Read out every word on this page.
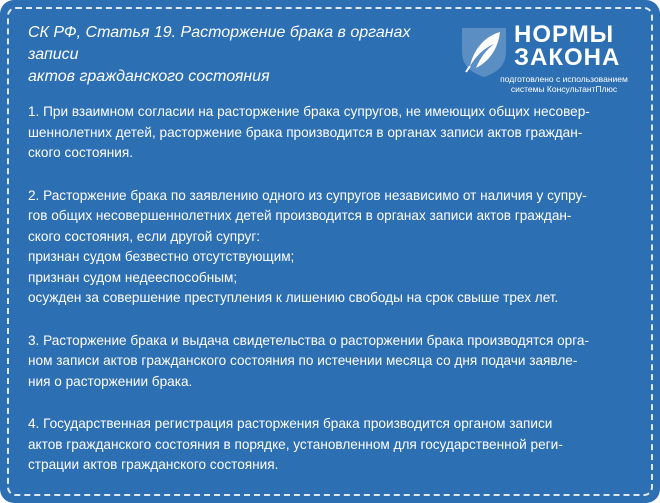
СК РФ, Статья 19. Расторжение брака в органах записи
актов гражданского состояния
НОРМЫ
ЗАКОНА
подготовлено с использованием
системы КонсультантПлюс

1. При взаимном согласии на расторжение брака супругов, не имеющих общих несовер-
шеннолетних детей, расторжение брака производится в органах записи актов граждан-
ского состояния.

2. Расторжение брака по заявлению одного из супругов независимо от наличия у супру-
гов общих несовершеннолетних детей производится в органах записи актов граждан-
ского состояния, если другой супруг:
признан судом безвестно отсутствующим;
признан судом недееспособным;
осужден за совершение преступления к лишению свободы на срок свыше трех лет.

3. Расторжение брака и выдача свидетельства о расторжении брака производятся орга-
ном записи актов гражданского состояния по истечении месяца со дня подачи заявле-
ния о расторжении брака.

4. Государственная регистрация расторжения брака производится органом записи
актов гражданского состояния в порядке, установленном для государственной реги-
страции актов гражданского состояния.
